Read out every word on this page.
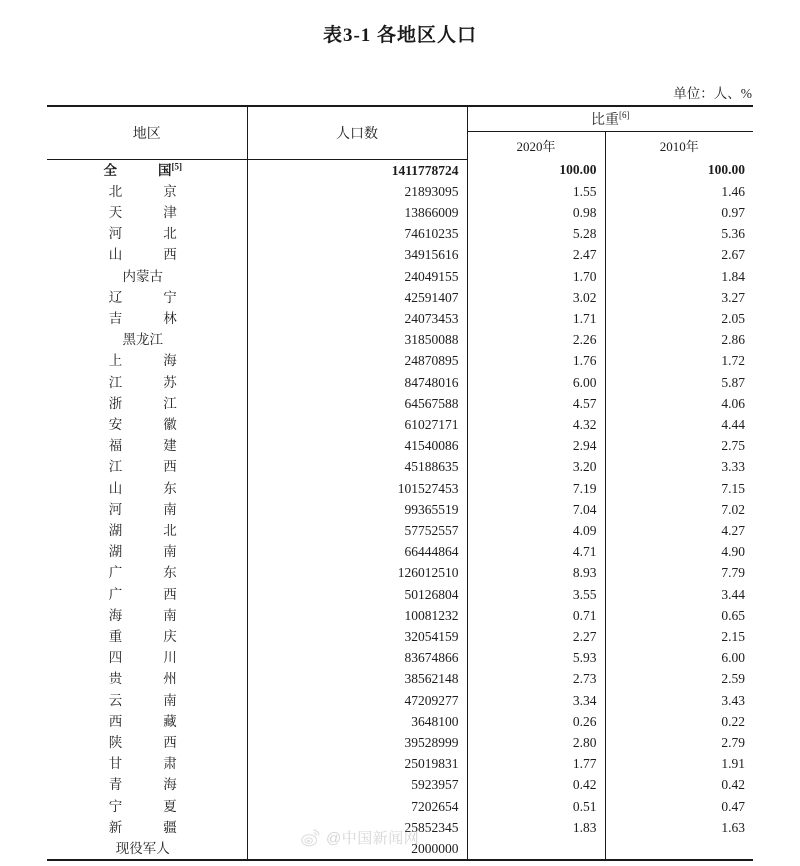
表3-1 各地区人口
单位：人、%
地区	人口数	比重[6]
		2020年	2010年
全 国[5]	1411778724	100.00	100.00
北 京	21893095	1.55	1.46
天 津	13866009	0.98	0.97
河 北	74610235	5.28	5.36
山 西	34915616	2.47	2.67
内蒙古	24049155	1.70	1.84
辽 宁	42591407	3.02	3.27
吉 林	24073453	1.71	2.05
黑龙江	31850088	2.26	2.86
上 海	24870895	1.76	1.72
江 苏	84748016	6.00	5.87
浙 江	64567588	4.57	4.06
安 徽	61027171	4.32	4.44
福 建	41540086	2.94	2.75
江 西	45188635	3.20	3.33
山 东	101527453	7.19	7.15
河 南	99365519	7.04	7.02
湖 北	57752557	4.09	4.27
湖 南	66444864	4.71	4.90
广 东	126012510	8.93	7.79
广 西	50126804	3.55	3.44
海 南	10081232	0.71	0.65
重 庆	32054159	2.27	2.15
四 川	83674866	5.93	6.00
贵 州	38562148	2.73	2.59
云 南	47209277	3.34	3.43
西 藏	3648100	0.26	0.22
陕 西	39528999	2.80	2.79
甘 肃	25019831	1.77	1.91
青 海	5923957	0.42	0.42
宁 夏	7202654	0.51	0.47
新 疆	25852345	1.83	1.63
现役军人	2000000		
@中国新闻网
